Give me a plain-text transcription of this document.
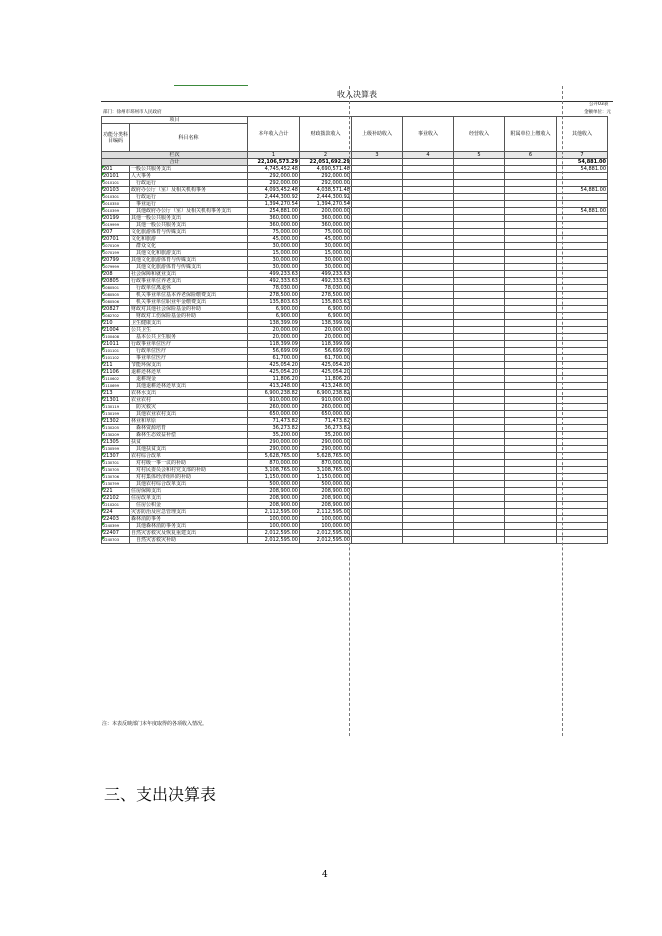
收入决算表
公开03表
部门：徐州市邳州市人民政府	金额单位：元
项目		本年收入合计	财政拨款收入	上级补助收入	事业收入	经营收入	附属单位上缴收入	其他收入
功能分类科目编码	科目名称							

栏次		1	2	3	4	5	6	7
合计		22,106,573.29	22,051,692.29					54,881.00
201	一般公共服务支出	4,745,452.48	4,690,571.48					54,881.00
20101	人大事务	292,000.00	292,000.00					
2010101	行政运行	292,000.00	292,000.00					
20103	政府办公厅（室）及相关机构事务	4,093,452.48	4,038,571.48					54,881.00
2010301	行政运行	2,444,300.92	2,444,300.92					
2010350	事业运行	1,394,270.54	1,394,270.54					
2010399	其他政府办公厅（室）及相关机构事务支出	254,881.00	200,000.00					54,881.00
20199	其他一般公共服务支出	360,000.00	360,000.00					
2019999	其他一般公共服务支出	360,000.00	360,000.00					
207	文化旅游体育与传媒支出	75,000.00	75,000.00					
20701	文化和旅游	45,000.00	45,000.00					
2070109	群众文化	30,000.00	30,000.00					
2070199	其他文化和旅游支出	15,000.00	15,000.00					
20799	其他文化旅游体育与传媒支出	30,000.00	30,000.00					
2079999	其他文化旅游体育与传媒支出	30,000.00	30,000.00					
208	社会保障和就业支出	499,233.63	499,233.63					
20805	行政事业单位养老支出	492,333.63	492,333.63					
2080501	行政单位离退休	78,030.00	78,030.00					
2080505	机关事业单位基本养老保险缴费支出	278,500.00	278,500.00					
2080506	机关事业单位职业年金缴费支出	135,803.63	135,803.63					
20827	财政对其他社会保险基金的补助	6,900.00	6,900.00					
2082702	财政对工伤保险基金的补助	6,900.00	6,900.00					
210	卫生健康支出	138,399.09	138,399.09					
21004	公共卫生	20,000.00	20,000.00					
2100408	基本公共卫生服务	20,000.00	20,000.00					
21011	行政事业单位医疗	118,399.09	118,399.09					
2101101	行政单位医疗	56,699.09	56,699.09					
2101102	事业单位医疗	61,700.00	61,700.00					
211	节能环保支出	425,054.20	425,054.20					
21106	退耕还林还草	425,054.20	425,054.20					
2110602	退耕现金	11,806.20	11,806.20					
2110699	其他退耕还林还草支出	413,248.00	413,248.00					
213	农林水支出	6,900,238.82	6,900,238.82					
21301	农业农村	910,000.00	910,000.00					
2130119	防灾救灾	260,000.00	260,000.00					
2130199	其他农业农村支出	650,000.00	650,000.00					
21302	林业和草原	71,473.82	71,473.82					
2130205	森林资源培育	36,273.82	36,273.82					
2130209	森林生态效益补偿	35,200.00	35,200.00					
21305	扶贫	290,000.00	290,000.00					
2130599	其他扶贫支出	290,000.00	290,000.00					
21307	农村综合改革	5,628,765.00	5,628,765.00					
2130701	对村级一事一议的补助	870,000.00	870,000.00					
2130705	对村民委员会和村党支部的补助	3,108,765.00	3,108,765.00					
2130706	对村集体经济组织的补助	1,150,000.00	1,150,000.00					
2130799	其他农村综合改革支出	500,000.00	500,000.00					
221	住房保障支出	208,900.00	208,900.00					
22102	住房改革支出	208,900.00	208,900.00					
2210201	住房公积金	208,900.00	208,900.00					
224	灾害防治及应急管理支出	2,112,595.00	2,112,595.00					
22403	森林消防事务	100,000.00	100,000.00					
2240399	其他森林消防事务支出	100,000.00	100,000.00					
22407	自然灾害救灾及恢复重建支出	2,012,595.00	2,012,595.00					
2240703	自然灾害救灾补助	2,012,595.00	2,012,595.00					
注：本表反映部门本年度取得的各项收入情况。
三、支出决算表
4
